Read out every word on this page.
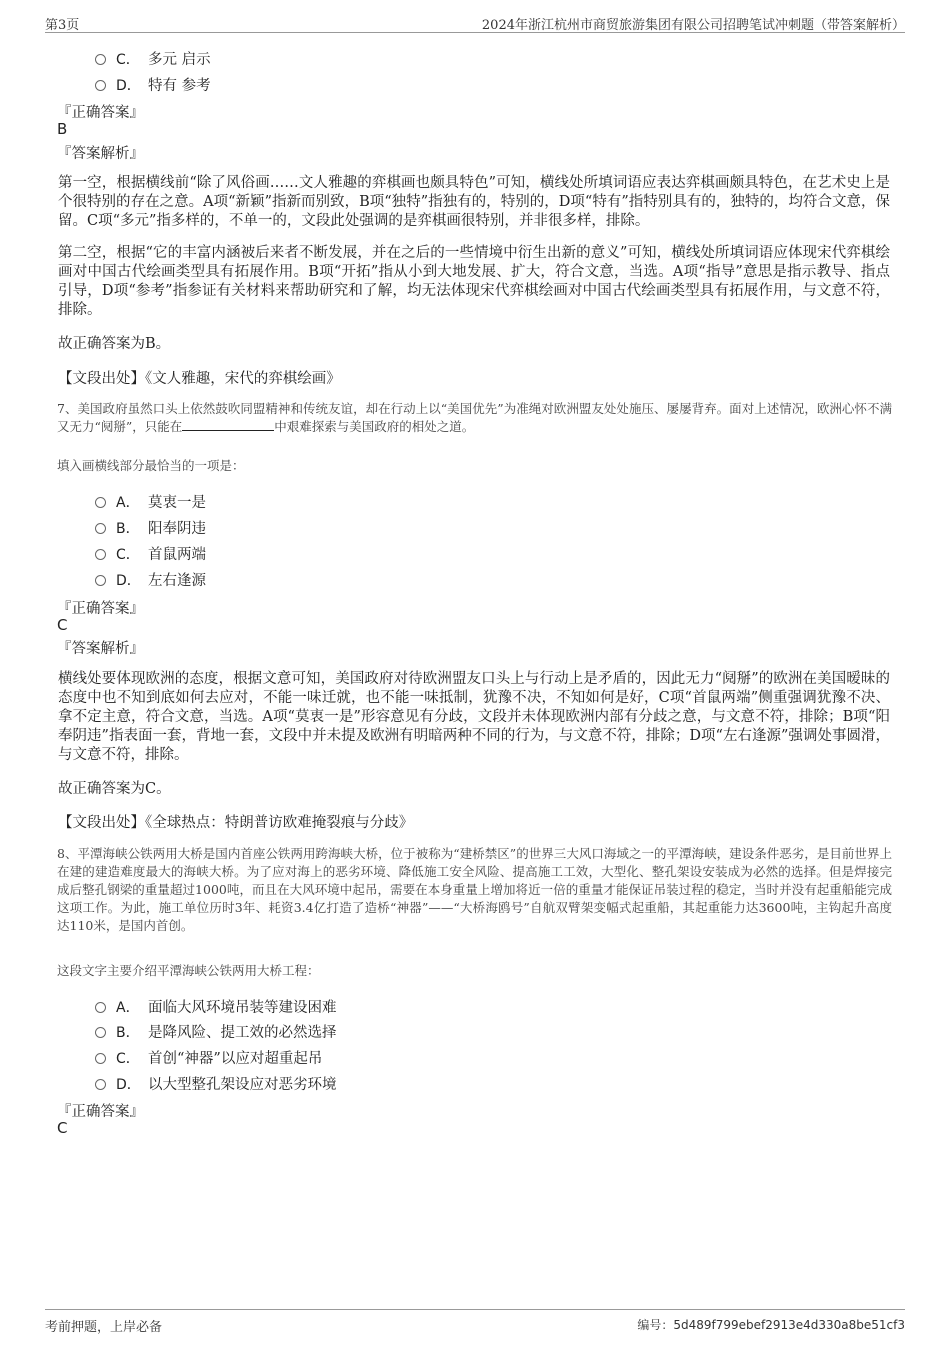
第3页	2024年浙江杭州市商贸旅游集团有限公司招聘笔试冲刺题（带答案解析）
C． 多元 启示
D． 特有 参考
『正确答案』
B
『答案解析』
第一空，根据横线前“除了风俗画……文人雅趣的弈棋画也颇具特色”可知，横线处所填词语应表达弈棋画颇具特色，在艺术史上是个很特别的存在之意。A项“新颖”指新而别致，B项“独特”指独有的，特别的，D项“特有”指特别具有的，独特的，均符合文意，保留。C项“多元”指多样的，不单一的，文段此处强调的是弈棋画很特别，并非很多样，排除。
第二空，根据“它的丰富内涵被后来者不断发展，并在之后的一些情境中衍生出新的意义”可知，横线处所填词语应体现宋代弈棋绘画对中国古代绘画类型具有拓展作用。B项“开拓”指从小到大地发展、扩大，符合文意，当选。A项“指导”意思是指示教导、指点引导，D项“参考”指参证有关材料来帮助研究和了解，均无法体现宋代弈棋绘画对中国古代绘画类型具有拓展作用，与文意不符，排除。
故正确答案为B。
【文段出处】《文人雅趣，宋代的弈棋绘画》
7、美国政府虽然口头上依然鼓吹同盟精神和传统友谊，却在行动上以“美国优先”为准绳对欧洲盟友处处施压、屡屡背弃。面对上述情况，欧洲心怀不满又无力“阋掰”，只能在	中艰难探索与美国政府的相处之道。
填入画横线部分最恰当的一项是：
A． 莫衷一是
B． 阳奉阴违
C． 首鼠两端
D． 左右逢源
『正确答案』
C
『答案解析』
横线处要体现欧洲的态度，根据文意可知，美国政府对待欧洲盟友口头上与行动上是矛盾的，因此无力“阋掰”的欧洲在美国暧昧的态度中也不知到底如何去应对，不能一味迁就，也不能一味抵制，犹豫不决，不知如何是好，C项“首鼠两端”侧重强调犹豫不决、拿不定主意，符合文意，当选。A项“莫衷一是”形容意见有分歧，文段并未体现欧洲内部有分歧之意，与文意不符，排除；B项“阳奉阴违”指表面一套，背地一套，文段中并未提及欧洲有明暗两种不同的行为，与文意不符，排除；D项“左右逢源”强调处事圆滑，与文意不符，排除。
故正确答案为C。
【文段出处】《全球热点：特朗普访欧难掩裂痕与分歧》
8、平潭海峡公铁两用大桥是国内首座公铁两用跨海峡大桥，位于被称为“建桥禁区”的世界三大风口海域之一的平潭海峡，建设条件恶劣，是目前世界上在建的建造难度最大的海峡大桥。为了应对海上的恶劣环境、降低施工安全风险、提高施工工效，大型化、整孔架设安装成为必然的选择。但是焊接完成后整孔钢梁的重量超过1000吨，而且在大风环境中起吊，需要在本身重量上增加将近一倍的重量才能保证吊装过程的稳定，当时并没有起重船能完成这项工作。为此，施工单位历时3年、耗资3.4亿打造了造桥“神器”——“大桥海鸥号”自航双臂架变幅式起重船，其起重能力达3600吨，主钩起升高度达110米，是国内首创。
这段文字主要介绍平潭海峡公铁两用大桥工程：
A． 面临大风环境吊装等建设困难
B． 是降风险、提工效的必然选择
C． 首创“神器”以应对超重起吊
D． 以大型整孔架设应对恶劣环境
『正确答案』
C
考前押题，上岸必备	编号：5d489f799ebef2913e4d330a8be51cf3
